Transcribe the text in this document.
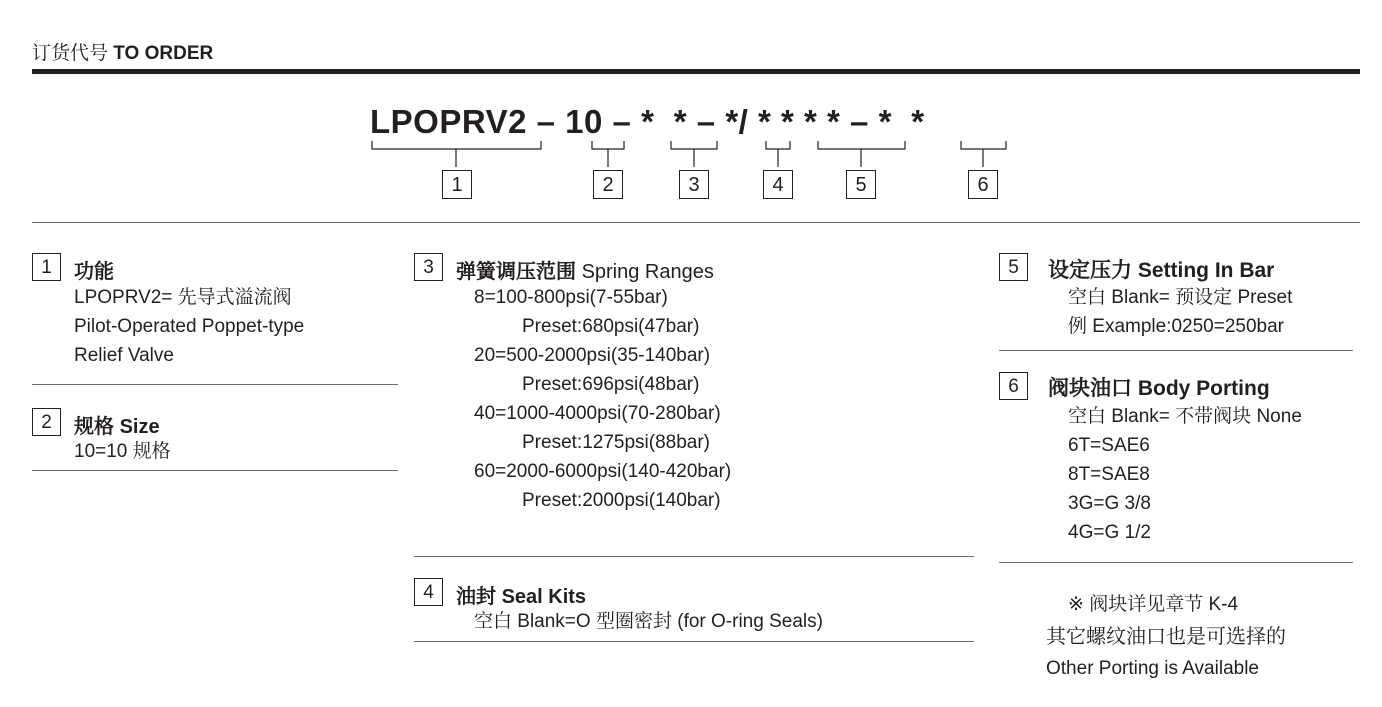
订货代号 TO ORDER
LPOPRV2 – 10 – *  * – */ * * * * – *  *
1	2	3	4	5	6
1	功能
LPOPRV2= 先导式溢流阀
Pilot-Operated Poppet-type
Relief Valve
2	规格 Size
10=10 规格
3	弹簧调压范围 Spring Ranges
8=100-800psi(7-55bar)
Preset:680psi(47bar)
20=500-2000psi(35-140bar)
Preset:696psi(48bar)
40=1000-4000psi(70-280bar)
Preset:1275psi(88bar)
60=2000-6000psi(140-420bar)
Preset:2000psi(140bar)
4	油封 Seal Kits
空白 Blank=O 型圈密封 (for O-ring Seals)
5	设定压力 Setting In Bar
空白 Blank= 预设定 Preset
例 Example:0250=250bar
6	阀块油口 Body Porting
空白 Blank= 不带阀块 None
6T=SAE6
8T=SAE8
3G=G 3/8
4G=G 1/2
※ 阀块详见章节 K-4
其它螺纹油口也是可选择的
Other Porting is Available
